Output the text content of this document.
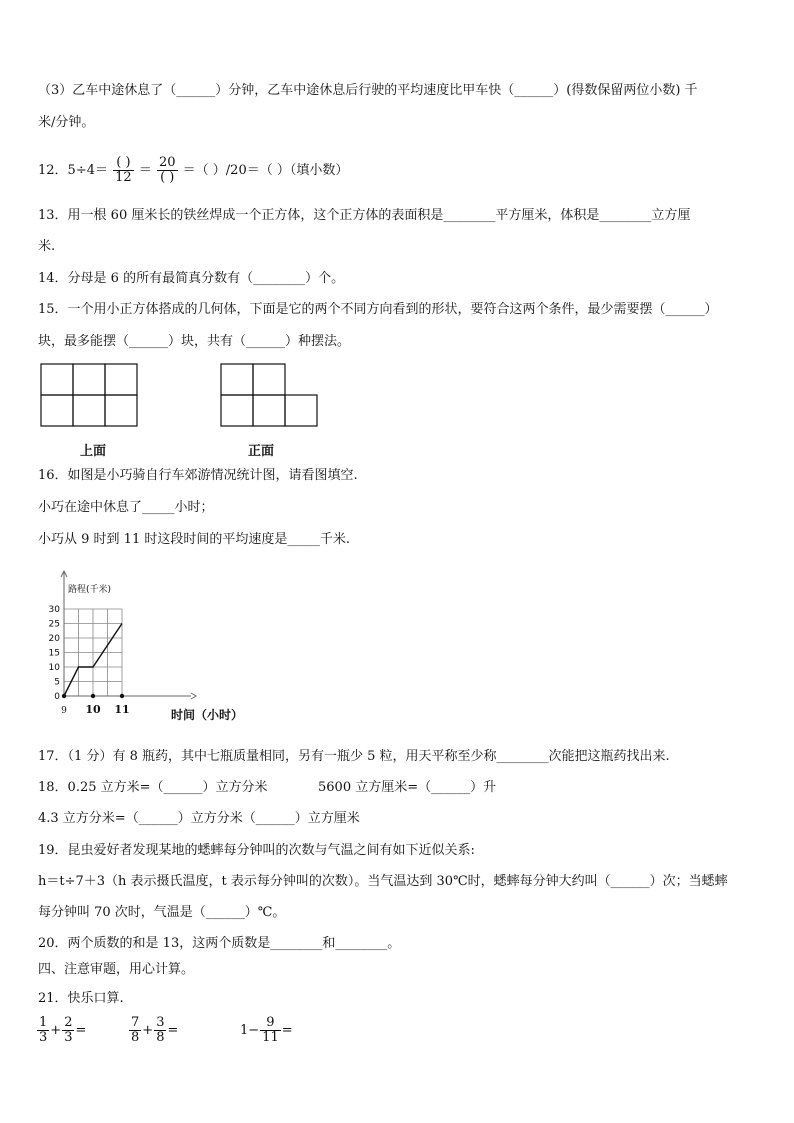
（3）乙车中途休息了（______）分钟，乙车中途休息后行驶的平均速度比甲车快（______）(得数保留两位小数) 千
米/分钟。
12．$5\div 4= \frac{( )}{12} = \frac{20}{( )}$ ＝（ ）/20＝（ ）（填小数）
13．用一根 60 厘米长的铁丝焊成一个正方体，这个正方体的表面积是________平方厘米，体积是________立方厘
米.
14．分母是 6 的所有最简真分数有（________）个。
15．一个用小正方体搭成的几何体，下面是它的两个不同方向看到的形状，要符合这两个条件，最少需要摆（______）
块，最多能摆（______）块，共有（______）种摆法。
上面	正面
16．如图是小巧骑自行车郊游情况统计图，请看图填空.
小巧在途中休息了_____小时；
小巧从 9 时到 11 时这段时间的平均速度是_____千米.
0
5
10
15
20
25
30
9 10 11
路程(千米)
时间（小时）
17．（1 分）有 8 瓶药，其中七瓶质量相同，另有一瓶少 5 粒，用天平称至少称________次能把这瓶药找出来.
18．0.25 立方米=（______）立方分米	5600 立方厘米=（______）升
4.3 立方分米=（______）立方分米（______）立方厘米
19．昆虫爱好者发现某地的蟋蟀每分钟叫的次数与气温之间有如下近似关系:
h＝t÷7＋3（h 表示摄氏温度，t 表示每分钟叫的次数）。当气温达到 30℃时，蟋蟀每分钟大约叫（______）次；当蟋蟀
每分钟叫 70 次时，气温是（______）℃。
20．两个质数的和是 13，这两个质数是________和________。
四、注意审题，用心计算。
21．快乐口算.
$\frac{1}{3} + \frac{2}{3}$ =	$\frac{7}{8} + \frac{3}{8}$ =	$1- \frac{9}{11}$ =
